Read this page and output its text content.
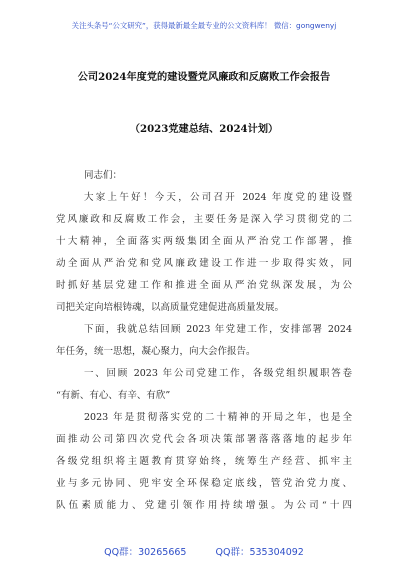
关注头条号“公文研究”，获得最新最全最专业的公文资料库！ 微信：gongwenyj
公司2024年度党的建设暨党风廉政和反腐败工作会报告
（2023党建总结、2024计划）
同志们：
大家上午好！今天，公司召开 2024 年度党的建设暨
党风廉政和反腐败工作会，主要任务是深入学习贯彻党的二
十大精神，全面落实两级集团全面从严治党工作部署，推
动全面从严治党和党风廉政建设工作进一步取得实效，同
时抓好基层党建工作和推进全面从严治党纵深发展，为公
司把关定向培根铸魂，以高质量党建促进高质量发展。
下面，我就总结回顾 2023 年党建工作，安排部署 2024
年任务，统一思想，凝心聚力，向大会作报告。
一、回顾 2023 年公司党建工作，各级党组织履职答卷
“有新、有心、有辛、有欣”
2023 年是贯彻落实党的二十精神的开局之年，也是全
面推动公司第四次党代会各项决策部署落落落地的起步年
各级党组织将主题教育贯穿始终，统筹生产经营、抓牢主
业与多元协同、兜牢安全环保稳定底线，管党治党力度、
队伍素质能力、党建引领作用持续增强。为公司“十四
QQ群：30265665	QQ群：535304092
